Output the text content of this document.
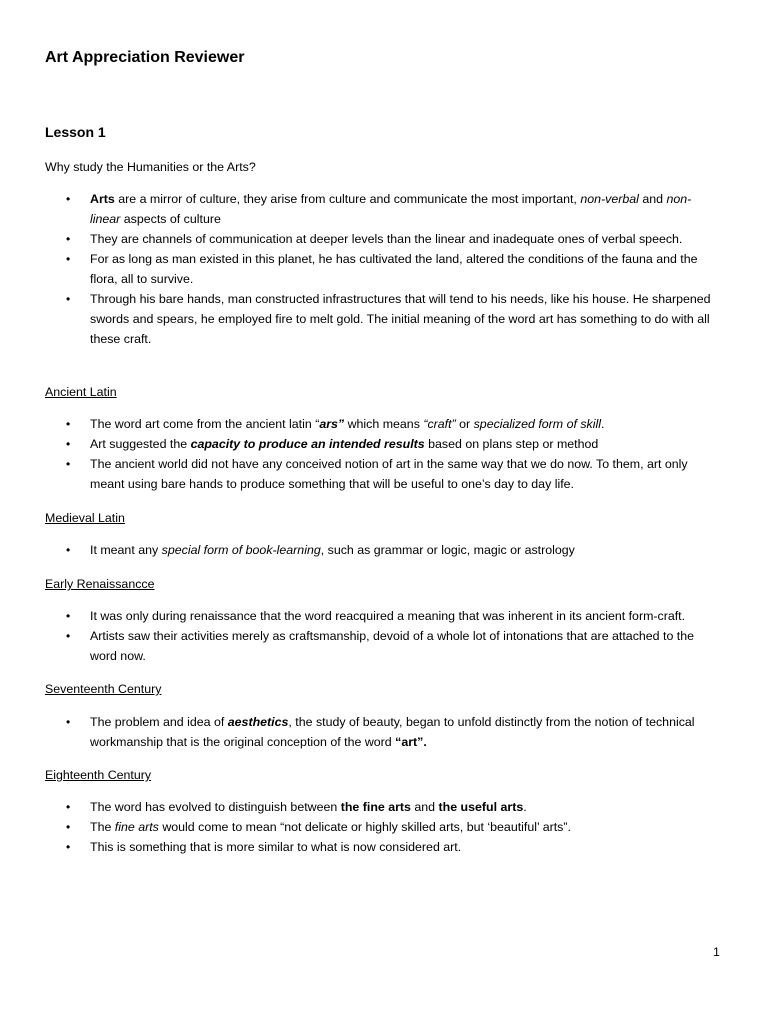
Art Appreciation Reviewer
Lesson 1

Why study the Humanities or the Arts?

• Arts are a mirror of culture, they arise from culture and communicate the most important, non-verbal and non-linear aspects of culture
• They are channels of communication at deeper levels than the linear and inadequate ones of verbal speech.
• For as long as man existed in this planet, he has cultivated the land, altered the conditions of the fauna and the flora, all to survive.
• Through his bare hands, man constructed infrastructures that will tend to his needs, like his house. He sharpened swords and spears, he employed fire to melt gold. The initial meaning of the word art has something to do with all these craft.

Ancient Latin

• The word art come from the ancient latin “ars” which means “craft” or specialized form of skill.
• Art suggested the capacity to produce an intended results based on plans step or method
• The ancient world did not have any conceived notion of art in the same way that we do now. To them, art only meant using bare hands to produce something that will be useful to one’s day to day life.

Medieval Latin

• It meant any special form of book-learning, such as grammar or logic, magic or astrology

Early Renaissancce

• It was only during renaissance that the word reacquired a meaning that was inherent in its ancient form-craft.
• Artists saw their activities merely as craftsmanship, devoid of a whole lot of intonations that are attached to the word now.

Seventeenth Century

• The problem and idea of aesthetics, the study of beauty, began to unfold distinctly from the notion of technical workmanship that is the original conception of the word “art”.

Eighteenth Century

• The word has evolved to distinguish between the fine arts and the useful arts.
• The fine arts would come to mean “not delicate or highly skilled arts, but ‘beautiful’ arts”.
• This is something that is more similar to what is now considered art.
1
